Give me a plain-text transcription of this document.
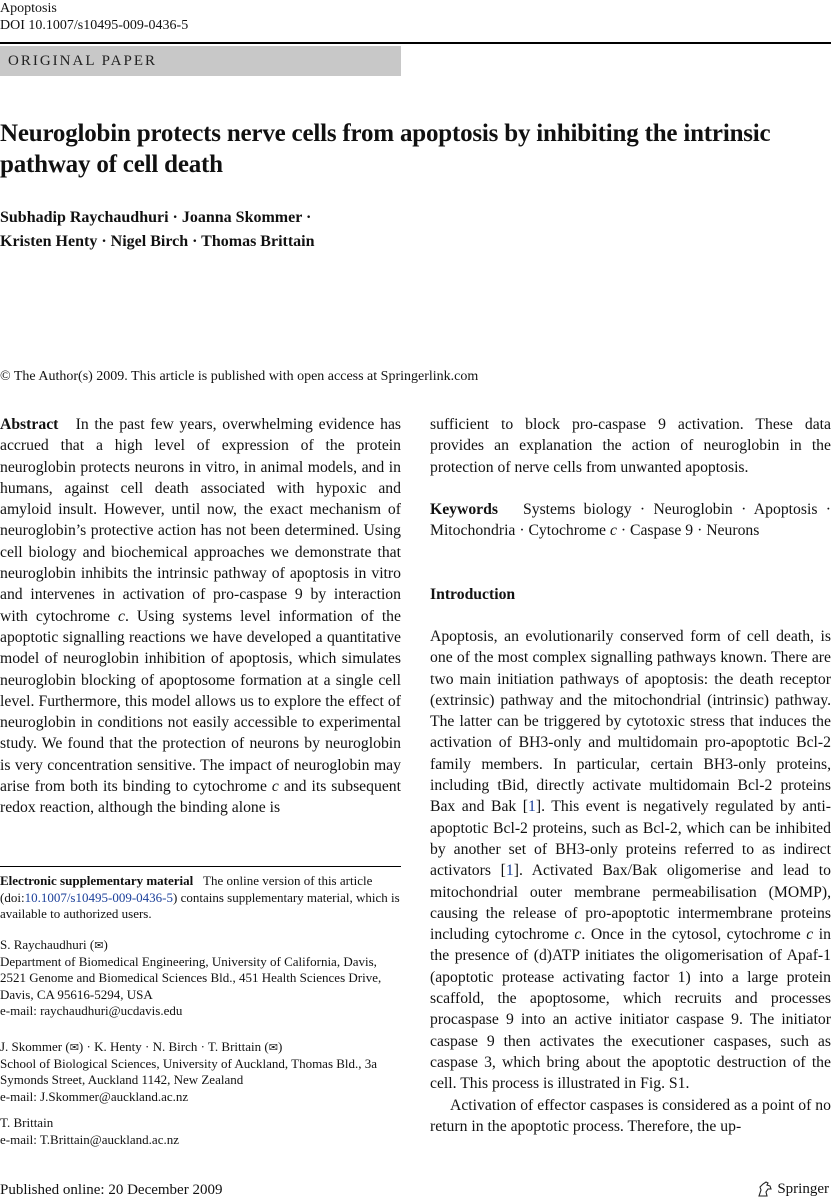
Apoptosis
DOI 10.1007/s10495-009-0436-5
ORIGINAL PAPER
Neuroglobin protects nerve cells from apoptosis by inhibiting the intrinsic pathway of cell death
Subhadip Raychaudhuri · Joanna Skommer ·
Kristen Henty · Nigel Birch · Thomas Brittain
© The Author(s) 2009. This article is published with open access at Springerlink.com
Abstract In the past few years, overwhelming evidence has accrued that a high level of expression of the protein neuroglobin protects neurons in vitro, in animal models, and in humans, against cell death associated with hypoxic and amyloid insult. However, until now, the exact mechanism of neuroglobin’s protective action has not been determined. Using cell biology and biochemical approaches we demonstrate that neuroglobin inhibits the intrinsic pathway of apoptosis in vitro and intervenes in activation of pro-caspase 9 by interaction with cytochrome c. Using systems level information of the apoptotic signalling reactions we have developed a quantitative model of neuroglobin inhibition of apoptosis, which simulates neuroglobin blocking of apoptosome formation at a single cell level. Furthermore, this model allows us to explore the effect of neuroglobin in conditions not easily accessible to experimental study. We found that the protection of neurons by neuroglobin is very concentration sensitive. The impact of neuroglobin may arise from both its binding to cytochrome c and its subsequent redox reaction, although the binding alone is
Electronic supplementary material The online version of this article (doi:10.1007/s10495-009-0436-5) contains supplementary material, which is available to authorized users.
S. Raychaudhuri (✉)
Department of Biomedical Engineering, University of California, Davis, 2521 Genome and Biomedical Sciences Bld., 451 Health Sciences Drive, Davis, CA 95616-5294, USA
e-mail: raychaudhuri@ucdavis.edu
J. Skommer (✉) · K. Henty · N. Birch · T. Brittain (✉)
School of Biological Sciences, University of Auckland, Thomas Bld., 3a Symonds Street, Auckland 1142, New Zealand
e-mail: J.Skommer@auckland.ac.nz
T. Brittain
e-mail: T.Brittain@auckland.ac.nz
sufficient to block pro-caspase 9 activation. These data provides an explanation the action of neuroglobin in the protection of nerve cells from unwanted apoptosis.
Keywords Systems biology · Neuroglobin · Apoptosis · Mitochondria · Cytochrome c · Caspase 9 · Neurons
Introduction
Apoptosis, an evolutionarily conserved form of cell death, is one of the most complex signalling pathways known. There are two main initiation pathways of apoptosis: the death receptor (extrinsic) pathway and the mitochondrial (intrinsic) pathway. The latter can be triggered by cytotoxic stress that induces the activation of BH3-only and multidomain pro-apoptotic Bcl-2 family members. In particular, certain BH3-only proteins, including tBid, directly activate multidomain Bcl-2 proteins Bax and Bak [1]. This event is negatively regulated by anti-apoptotic Bcl-2 proteins, such as Bcl-2, which can be inhibited by another set of BH3-only proteins referred to as indirect activators [1]. Activated Bax/Bak oligomerise and lead to mitochondrial outer membrane permeabilisation (MOMP), causing the release of pro-apoptotic intermembrane proteins including cytochrome c. Once in the cytosol, cytochrome c in the presence of (d)ATP initiates the oligomerisation of Apaf-1 (apoptotic protease activating factor 1) into a large protein scaffold, the apoptosome, which recruits and processes procaspase 9 into an active initiator caspase 9. The initiator caspase 9 then activates the executioner caspases, such as caspase 3, which bring about the apoptotic destruction of the cell. This process is illustrated in Fig. S1.
Activation of effector caspases is considered as a point of no return in the apoptotic process. Therefore, the up-
Published online: 20 December 2009	Springer
